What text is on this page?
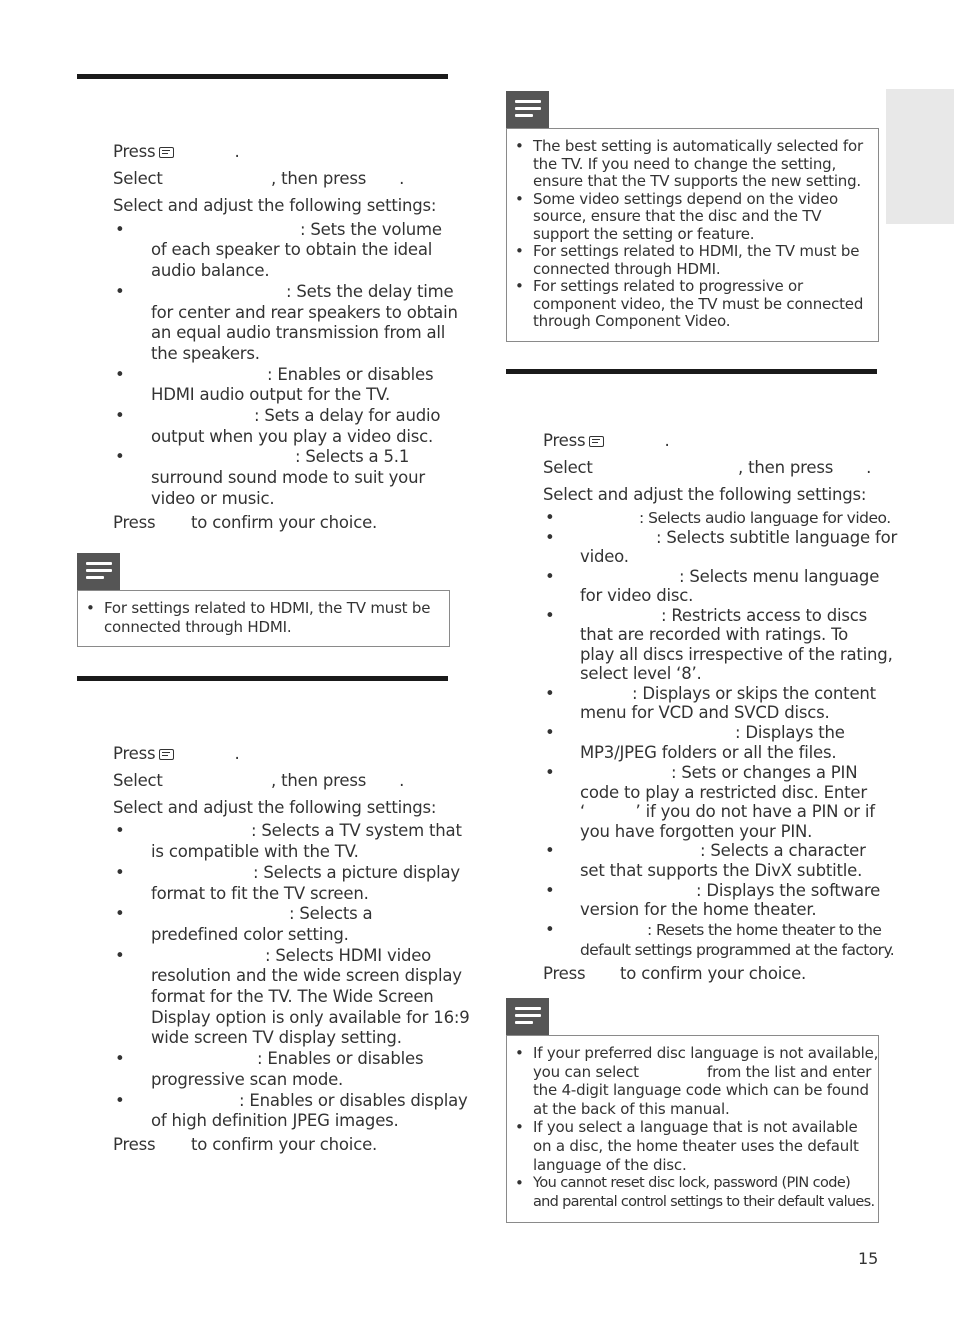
Press	.
Select	, then press .
Select and adjust the following settings:
•	: Sets the volume
of each speaker to obtain the ideal
audio balance.
•	: Sets the delay time
for center and rear speakers to obtain
an equal audio transmission from all
the speakers.
•	: Enables or disables
HDMI audio output for the TV.
•	: Sets a delay for audio
output when you play a video disc.
•	: Selects a 5.1
surround sound mode to suit your
video or music.
Press to confirm your choice.
• For settings related to HDMI, the TV must be
connected through HDMI.
Press	.
Select	, then press .
Select and adjust the following settings:
•	: Selects a TV system that
is compatible with the TV.
•	: Selects a picture display
format to fit the TV screen.
•	: Selects a
predefined color setting.
•	: Selects HDMI video
resolution and the wide screen display
format for the TV. The Wide Screen
Display option is only available for 16:9
wide screen TV display setting.
•	: Enables or disables
progressive scan mode.
•	: Enables or disables display
of high definition JPEG images.
Press to confirm your choice.
• The best setting is automatically selected for
the TV. If you need to change the setting,
ensure that the TV supports the new setting.
• Some video settings depend on the video
source, ensure that the disc and the TV
support the setting or feature.
• For settings related to HDMI, the TV must be
connected through HDMI.
• For settings related to progressive or
component video, the TV must be connected
through Component Video.
Press	.
Select	, then press .
Select and adjust the following settings:
•	: Selects audio language for video.
•	: Selects subtitle language for
video.
•	: Selects menu language
for video disc.
•	: Restricts access to discs
that are recorded with ratings. To
play all discs irrespective of the rating,
select level ‘8’.
•	: Displays or skips the content
menu for VCD and SVCD discs.
•	: Displays the
MP3/JPEG folders or all the files.
•	: Sets or changes a PIN
code to play a restricted disc. Enter
‘          ’ if you do not have a PIN or if
you have forgotten your PIN.
•	: Selects a character
set that supports the DivX subtitle.
•	: Displays the software
version for the home theater.
•	: Resets the home theater to the
default settings programmed at the factory.
Press to confirm your choice.
• If your preferred disc language is not available,
you can select	from the list and enter
the 4-digit language code which can be found
at the back of this manual.
• If you select a language that is not available
on a disc, the home theater uses the default
language of the disc.
• You cannot reset disc lock, password (PIN code)
and parental control settings to their default values.
15
